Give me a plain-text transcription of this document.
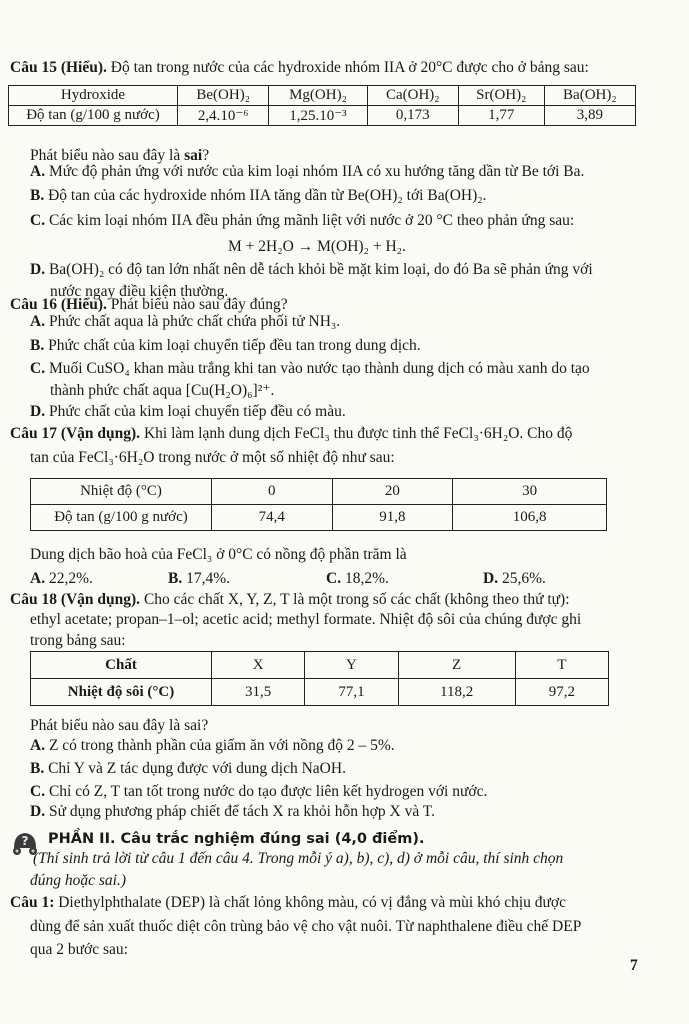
Câu 15 (Hiểu). Độ tan trong nước của các hydroxide nhóm IIA ở 20°C được cho ở bảng sau:
Hydroxide	Be(OH)₂	Mg(OH)₂	Ca(OH)₂	Sr(OH)₂	Ba(OH)₂
Độ tan (g/100 g nước)	2,4.10⁻⁶	1,25.10⁻³	0,173	1,77	3,89
Phát biểu nào sau đây là sai?
A. Mức độ phản ứng với nước của kim loại nhóm IIA có xu hướng tăng dần từ Be tới Ba.
B. Độ tan của các hydroxide nhóm IIA tăng dần từ Be(OH)₂ tới Ba(OH)₂.
C. Các kim loại nhóm IIA đều phản ứng mãnh liệt với nước ở 20 °C theo phản ứng sau:
M + 2H₂O → M(OH)₂ + H₂.
D. Ba(OH)₂ có độ tan lớn nhất nên dễ tách khỏi bề mặt kim loại, do đó Ba sẽ phản ứng với
nước ngay điều kiện thường.
Câu 16 (Hiểu). Phát biểu nào sau đây đúng?
A. Phức chất aqua là phức chất chứa phối tử NH₃.
B. Phức chất của kim loại chuyển tiếp đều tan trong dung dịch.
C. Muối CuSO₄ khan màu trắng khi tan vào nước tạo thành dung dịch có màu xanh do tạo
thành phức chất aqua [Cu(H₂O)₆]²⁺.
D. Phức chất của kim loại chuyển tiếp đều có màu.
Câu 17 (Vận dụng). Khi làm lạnh dung dịch FeCl₃ thu được tinh thể FeCl₃·6H₂O. Cho độ
tan của FeCl₃·6H₂O trong nước ở một số nhiệt độ như sau:
Nhiệt độ (°C)	0	20	30
Độ tan (g/100 g nước)	74,4	91,8	106,8
Dung dịch bão hoà của FeCl₃ ở 0°C có nồng độ phần trăm là
A. 22,2%.	B. 17,4%.	C. 18,2%.	D. 25,6%.
Câu 18 (Vận dụng). Cho các chất X, Y, Z, T là một trong số các chất (không theo thứ tự):
ethyl acetate; propan–1–ol; acetic acid; methyl formate. Nhiệt độ sôi của chúng được ghi
trong bảng sau:
Chất	X	Y	Z	T
Nhiệt độ sôi (°C)	31,5	77,1	118,2	97,2
Phát biểu nào sau đây là sai?
A. Z có trong thành phần của giấm ăn với nồng độ 2 – 5%.
B. Chỉ Y và Z tác dụng được với dung dịch NaOH.
C. Chỉ có Z, T tan tốt trong nước do tạo được liên kết hydrogen với nước.
D. Sử dụng phương pháp chiết để tách X ra khỏi hỗn hợp X và T.
? PHẦN II. Câu trắc nghiệm đúng sai (4,0 điểm).
(Thí sinh trả lời từ câu 1 đến câu 4. Trong mỗi ý a), b), c), d) ở mỗi câu, thí sinh chọn
đúng hoặc sai.)
Câu 1: Diethylphthalate (DEP) là chất lỏng không màu, có vị đắng và mùi khó chịu được
dùng để sản xuất thuốc diệt côn trùng bảo vệ cho vật nuôi. Từ naphthalene điều chế DEP
qua 2 bước sau:
7
